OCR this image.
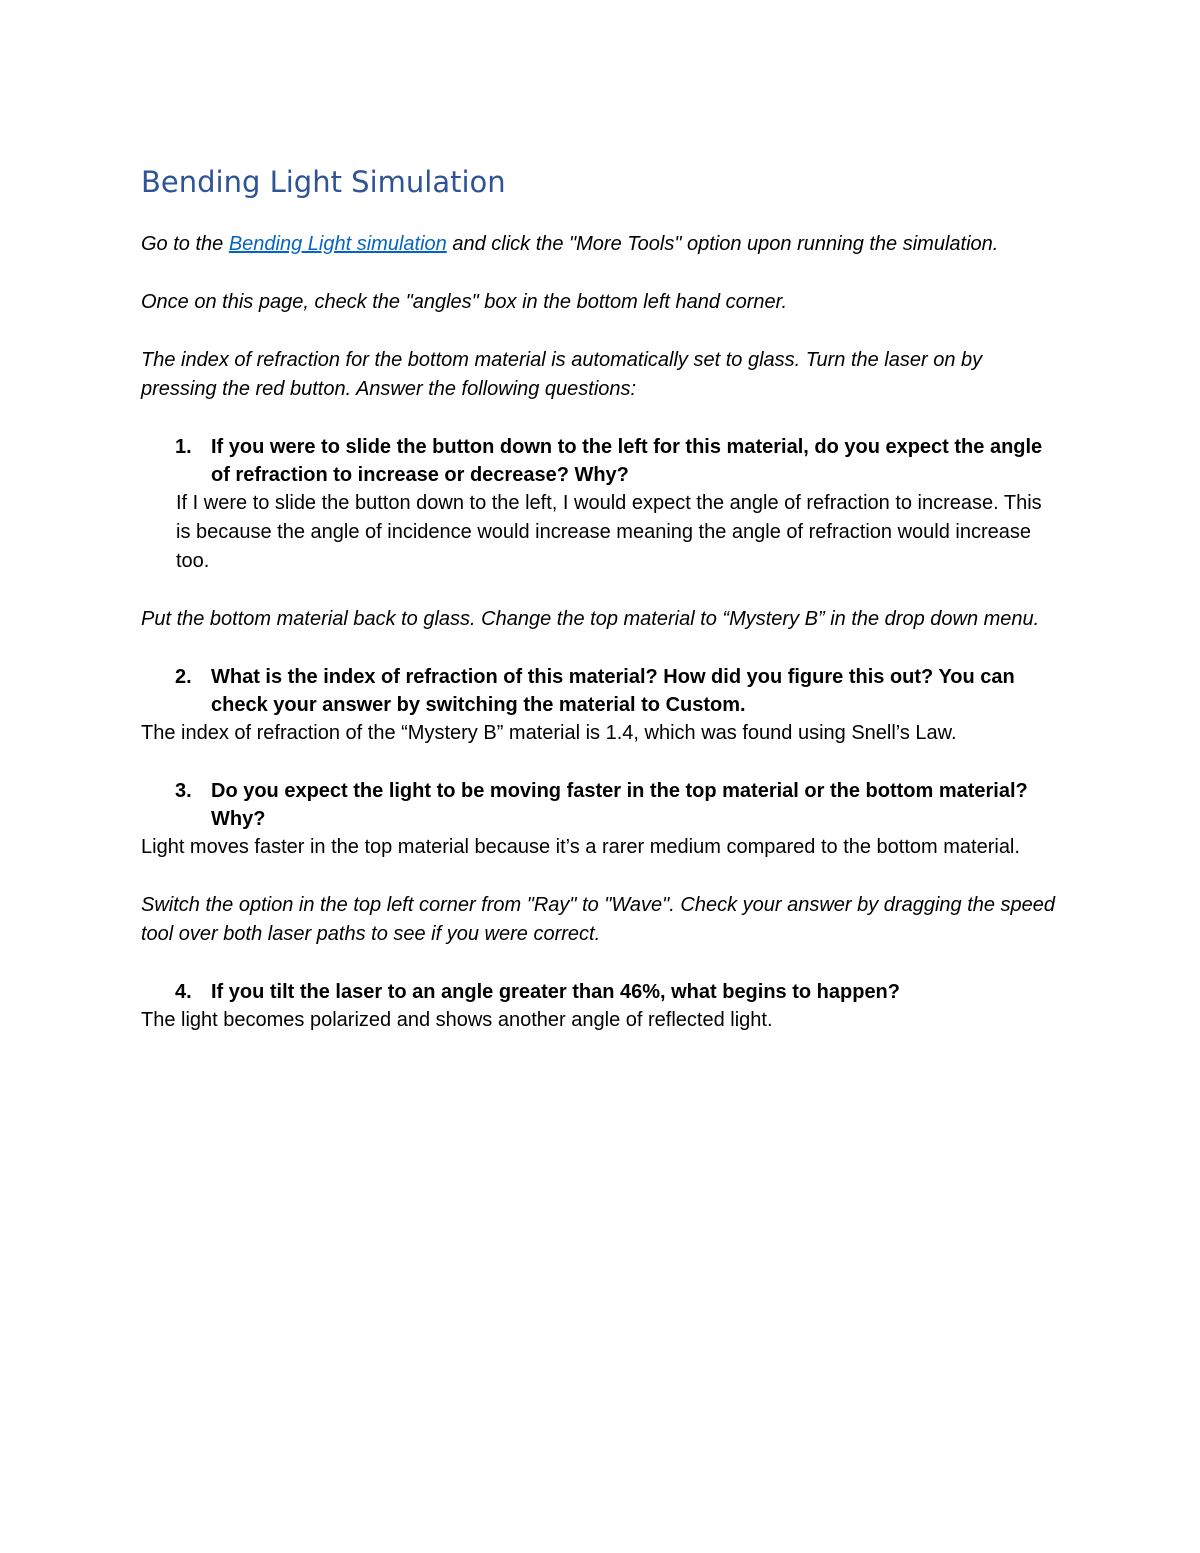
Bending Light Simulation

Go to the Bending Light simulation and click the "More Tools" option upon running the simulation.

Once on this page, check the "angles" box in the bottom left hand corner.

The index of refraction for the bottom material is automatically set to glass. Turn the laser on by pressing the red button. Answer the following questions:

1. If you were to slide the button down to the left for this material, do you expect the angle of refraction to increase or decrease? Why?

If I were to slide the button down to the left, I would expect the angle of refraction to increase. This is because the angle of incidence would increase meaning the angle of refraction would increase too.

Put the bottom material back to glass. Change the top material to “Mystery B” in the drop down menu.

2. What is the index of refraction of this material? How did you figure this out? You can check your answer by switching the material to Custom.

The index of refraction of the “Mystery B” material is 1.4, which was found using Snell’s Law.

3. Do you expect the light to be moving faster in the top material or the bottom material? Why?

Light moves faster in the top material because it’s a rarer medium compared to the bottom material.

Switch the option in the top left corner from "Ray" to "Wave". Check your answer by dragging the speed tool over both laser paths to see if you were correct.

4. If you tilt the laser to an angle greater than 46%, what begins to happen?

The light becomes polarized and shows another angle of reflected light.
